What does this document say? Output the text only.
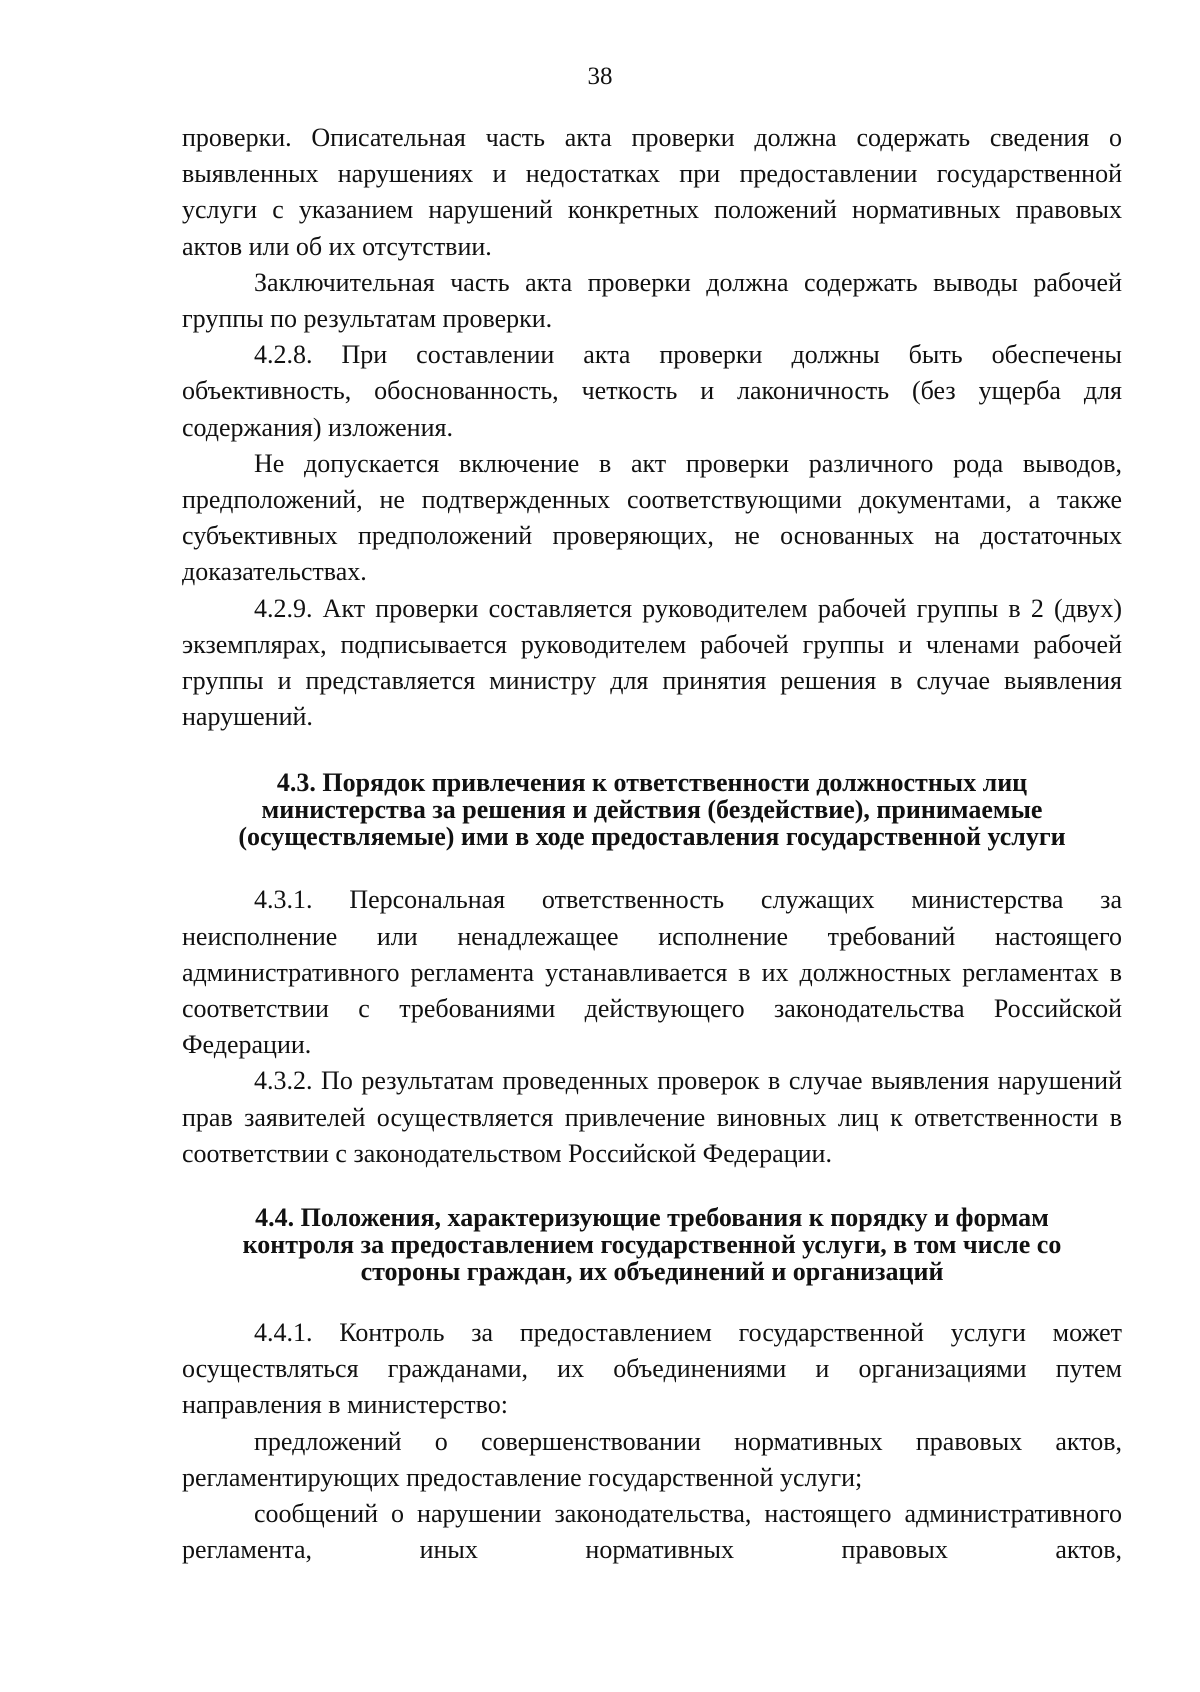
38

проверки. Описательная часть акта проверки должна содержать сведения о выявленных нарушениях и недостатках при предоставлении государственной услуги с указанием нарушений конкретных положений нормативных правовых актов или об их отсутствии.

Заключительная часть акта проверки должна содержать выводы рабочей группы по результатам проверки.

4.2.8. При составлении акта проверки должны быть обеспечены объективность, обоснованность, четкость и лаконичность (без ущерба для содержания) изложения.

Не допускается включение в акт проверки различного рода выводов, предположений, не подтвержденных соответствующими документами, а также субъективных предположений проверяющих, не основанных на достаточных доказательствах.

4.2.9. Акт проверки составляется руководителем рабочей группы в 2 (двух) экземплярах, подписывается руководителем рабочей группы и членами рабочей группы и представляется министру для принятия решения в случае выявления нарушений.

4.3. Порядок привлечения к ответственности должностных лиц
министерства за решения и действия (бездействие), принимаемые
(осуществляемые) ими в ходе предоставления государственной услуги

4.3.1. Персональная ответственность служащих министерства за неисполнение или ненадлежащее исполнение требований настоящего административного регламента устанавливается в их должностных регламентах в соответствии с требованиями действующего законодательства Российской Федерации.

4.3.2. По результатам проведенных проверок в случае выявления нарушений прав заявителей осуществляется привлечение виновных лиц к ответственности в соответствии с законодательством Российской Федерации.

4.4. Положения, характеризующие требования к порядку и формам
контроля за предоставлением государственной услуги, в том числе со
стороны граждан, их объединений и организаций

4.4.1. Контроль за предоставлением государственной услуги может осуществляться гражданами, их объединениями и организациями путем направления в министерство:

предложений о совершенствовании нормативных правовых актов, регламентирующих предоставление государственной услуги;

сообщений о нарушении законодательства, настоящего административного регламента, иных нормативных правовых актов,
